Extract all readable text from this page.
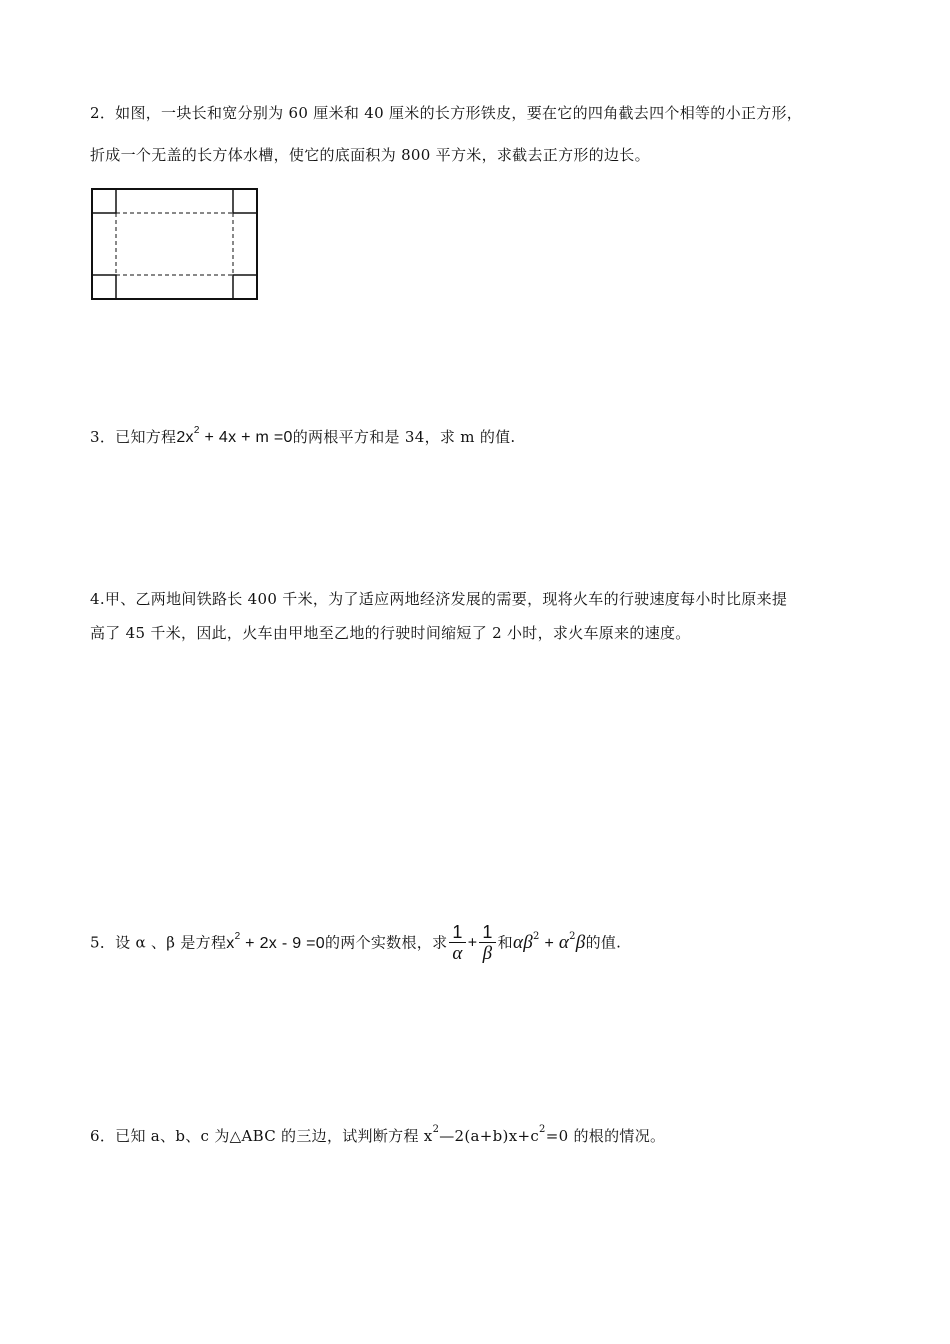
2．如图，一块长和宽分别为 60 厘米和 40 厘米的长方形铁皮，要在它的四角截去四个相等的小正方形，
折成一个无盖的长方体水槽，使它的底面积为 800 平方米，求截去正方形的边长。
3．已知方程$2x^2 + 4x + m =0$的两根平方和是 34，求 m 的值.
4.甲、乙两地间铁路长 400 千米，为了适应两地经济发展的需要，现将火车的行驶速度每小时比原来提
高了 45 千米，因此，火车由甲地至乙地的行驶时间缩短了 2 小时，求火车原来的速度。
5．设 α 、β 是方程$x^2 + 2x - 9 =0$的两个实数根，求 $\frac{1}{\alpha} + \frac{1}{\beta}$ 和$\alpha\beta^2 + \alpha^2\beta$的值.
6．已知 a、b、c 为△ABC 的三边，试判断方程 $x^2—2(a+b)x+c^2=0$ 的根的情况。
